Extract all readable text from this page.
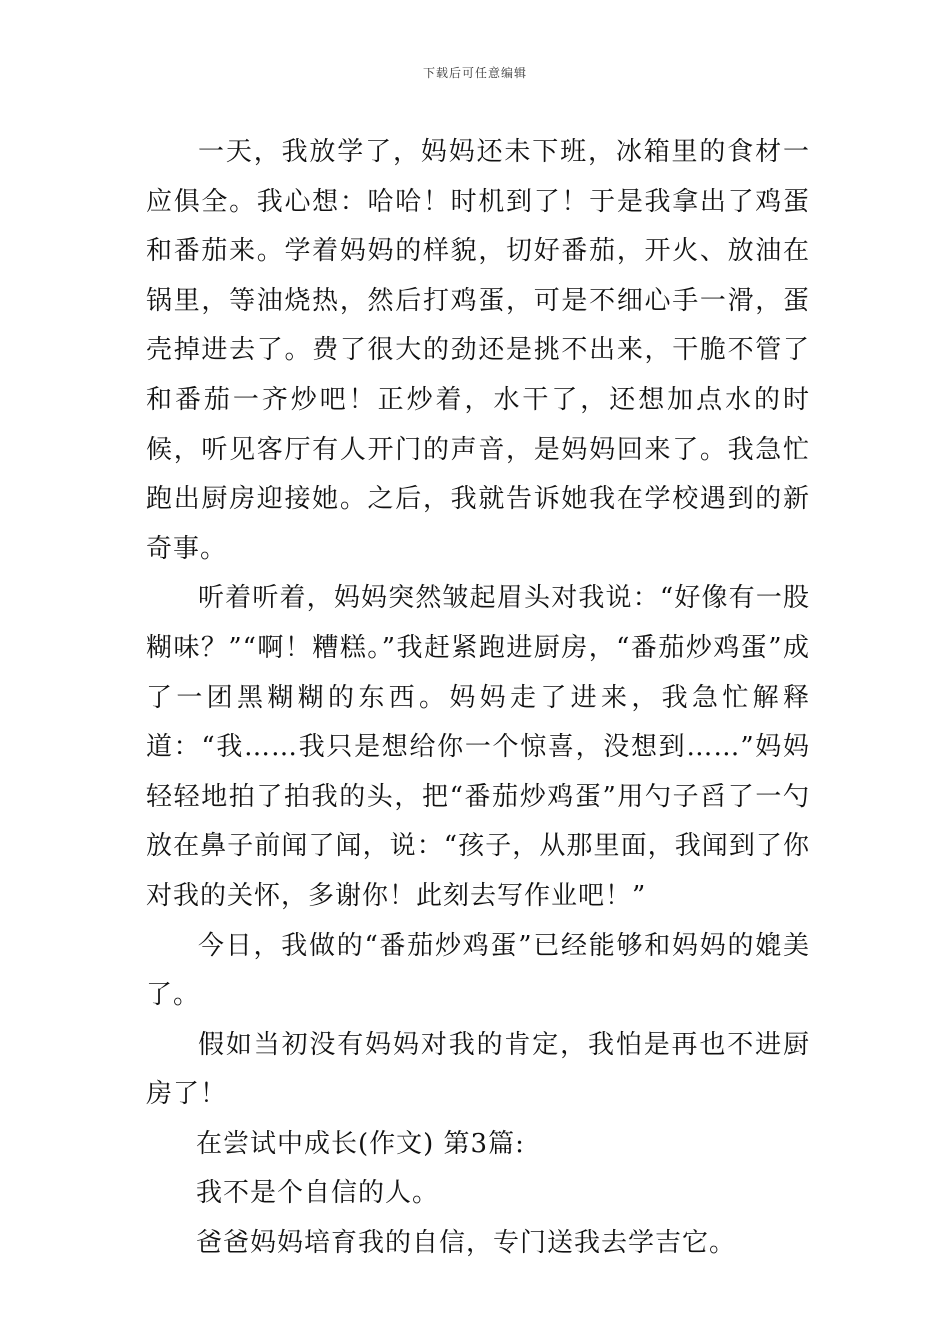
下载后可任意编辑

一天，我放学了，妈妈还未下班，冰箱里的食材一应俱全。我心想：哈哈！时机到了！于是我拿出了鸡蛋和番茄来。学着妈妈的样貌，切好番茄，开火、放油在锅里，等油烧热，然后打鸡蛋，可是不细心手一滑，蛋壳掉进去了。费了很大的劲还是挑不出来，干脆不管了和番茄一齐炒吧！正炒着，水干了，还想加点水的时候，听见客厅有人开门的声音，是妈妈回来了。我急忙跑出厨房迎接她。之后，我就告诉她我在学校遇到的新奇事。

听着听着，妈妈突然皱起眉头对我说：“好像有一股糊味？”“啊！糟糕。”我赶紧跑进厨房，“番茄炒鸡蛋”成了一团黑糊糊的东西。妈妈走了进来，我急忙解释道：“我……我只是想给你一个惊喜，没想到……”妈妈轻轻地拍了拍我的头，把“番茄炒鸡蛋”用勺子舀了一勺放在鼻子前闻了闻，说：“孩子，从那里面，我闻到了你对我的关怀，多谢你！此刻去写作业吧！”

今日，我做的“番茄炒鸡蛋”已经能够和妈妈的媲美了。

假如当初没有妈妈对我的肯定，我怕是再也不进厨房了！

在尝试中成长(作文) 第3篇:

我不是个自信的人。

爸爸妈妈培育我的自信，专门送我去学吉它。
